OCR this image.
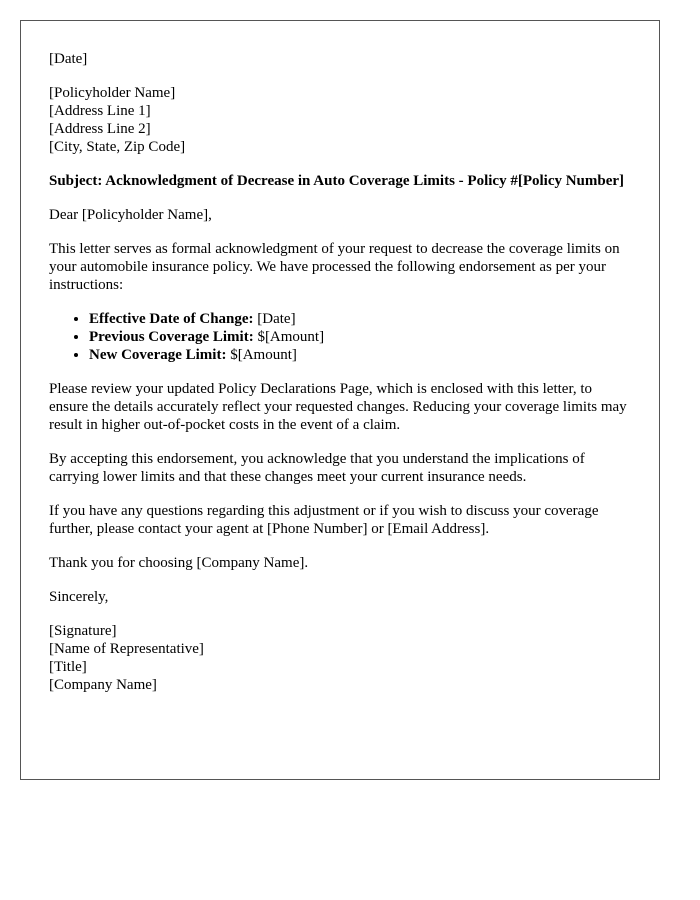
[Date]

[Policyholder Name]
[Address Line 1]
[Address Line 2]
[City, State, Zip Code]

Subject: Acknowledgment of Decrease in Auto Coverage Limits - Policy #[Policy Number]

Dear [Policyholder Name],

This letter serves as formal acknowledgment of your request to decrease the coverage limits on your automobile insurance policy. We have processed the following endorsement as per your instructions:

• Effective Date of Change: [Date]
• Previous Coverage Limit: $[Amount]
• New Coverage Limit: $[Amount]

Please review your updated Policy Declarations Page, which is enclosed with this letter, to ensure the details accurately reflect your requested changes. Reducing your coverage limits may result in higher out-of-pocket costs in the event of a claim.

By accepting this endorsement, you acknowledge that you understand the implications of carrying lower limits and that these changes meet your current insurance needs.

If you have any questions regarding this adjustment or if you wish to discuss your coverage further, please contact your agent at [Phone Number] or [Email Address].

Thank you for choosing [Company Name].

Sincerely,

[Signature]
[Name of Representative]
[Title]
[Company Name]
